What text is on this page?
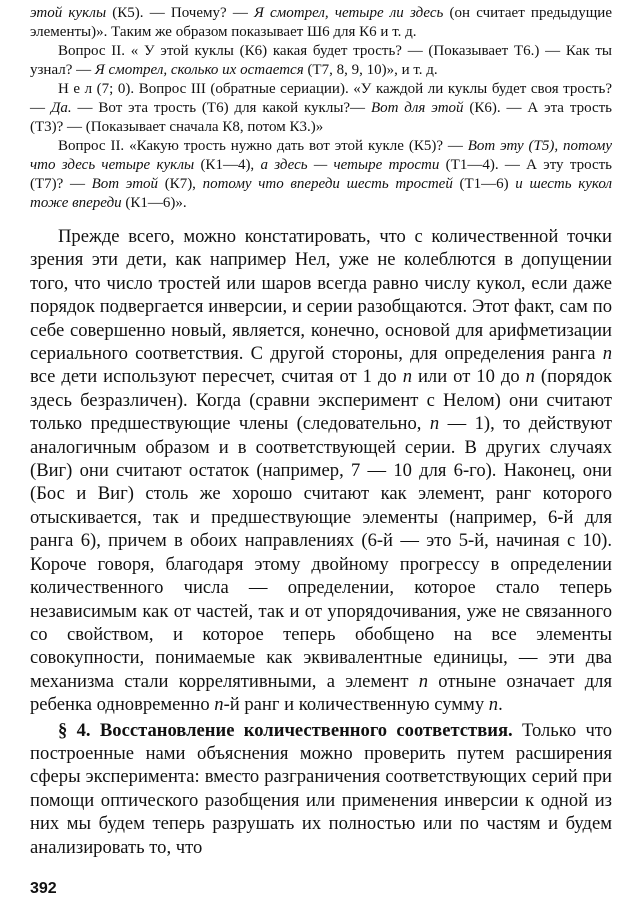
этой куклы (К5). — Почему? — Я смотрел, четыре ли здесь (он считает предыдущие элементы)». Таким же образом показывает Ш6 для К6 и т. д.

Вопрос II. « У этой куклы (К6) какая будет трость? — (Показывает Т6.) — Как ты узнал? — Я смотрел, сколько их остается (Т7, 8, 9, 10)», и т. д.

Н е л (7; 0). Вопрос III (обратные сериации). «У каждой ли куклы будет своя трость? — Да. — Вот эта трость (Т6) для какой куклы?— Вот для этой (К6). — А эта трость (Т3)? — (Показывает сначала К8, потом К3.)»

Вопрос II. «Какую трость нужно дать вот этой кукле (К5)? — Вот эту (Т5), потому что здесь четыре куклы (К1—4), а здесь — четыре трости (Т1—4). — А эту трость (Т7)? — Вот этой (К7), потому что впереди шесть тростей (Т1—6) и шесть кукол тоже впереди (К1—6)».

Прежде всего, можно констатировать, что с количественной точки зрения эти дети, как например Нел, уже не колеблются в допущении того, что число тростей или шаров всегда равно числу кукол, если даже порядок подвергается инверсии, и серии разобщаются. Этот факт, сам по себе совершенно новый, является, конечно, основой для арифметизации сериального соответствия. С другой стороны, для определения ранга n все дети используют пересчет, считая от 1 до n или от 10 до n (порядок здесь безразличен). Когда (сравни эксперимент с Нелом) они считают только предшествующие члены (следовательно, n — 1), то действуют аналогичным образом и в соответствующей серии. В других случаях (Виг) они считают остаток (например, 7 — 10 для 6-го). Наконец, они (Бос и Виг) столь же хорошо считают как элемент, ранг которого отыскивается, так и предшествующие элементы (например, 6-й для ранга 6), причем в обоих направлениях (6-й — это 5-й, начиная с 10). Короче говоря, благодаря этому двойному прогрессу в определении количественного числа — определении, которое стало теперь независимым как от частей, так и от упорядочивания, уже не связанного со свойством, и которое теперь обобщено на все элементы совокупности, понимаемые как эквивалентные единицы, — эти два механизма стали коррелятивными, а элемент n отныне означает для ребенка одновременно n-й ранг и количественную сумму n.

§ 4. Восстановление количественного соответствия. Только что построенные нами объяснения можно проверить путем расширения сферы эксперимента: вместо разграничения соответствующих серий при помощи оптического разобщения или применения инверсии к одной из них мы будем теперь разрушать их полностью или по частям и будем анализировать то, что

392
